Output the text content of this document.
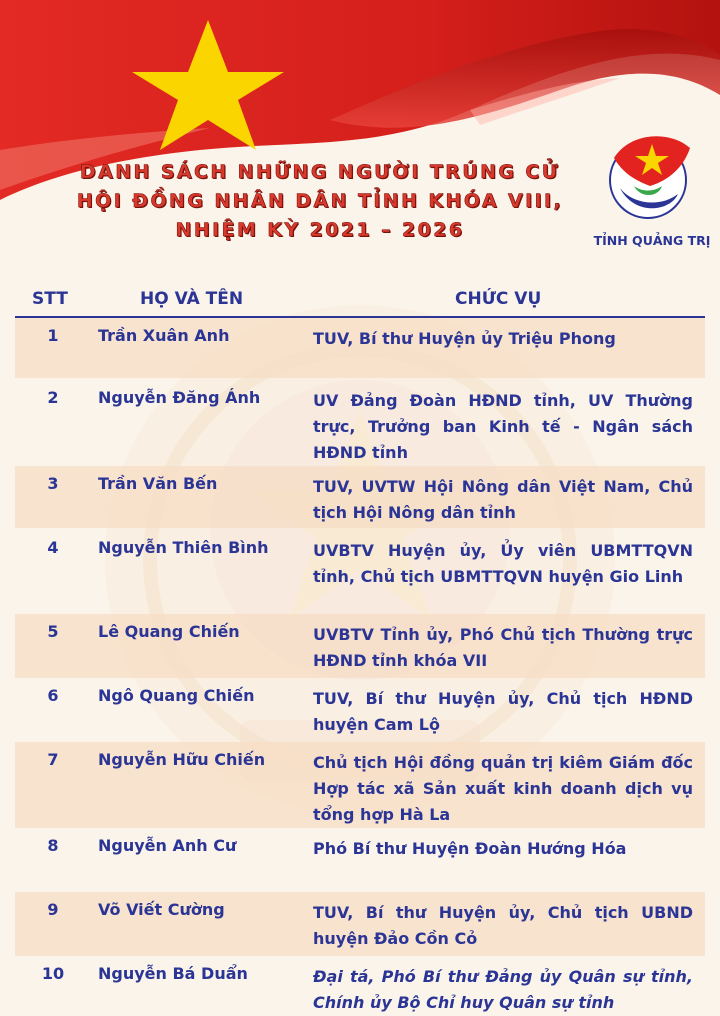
DANH SÁCH NHỮNG NGƯỜI TRÚNG CỬ
HỘI ĐỒNG NHÂN DÂN TỈNH KHÓA VIII,
NHIỆM KỲ 2021 – 2026	TỈNH QUẢNG TRỊ
STT	HỌ VÀ TÊN	CHỨC VỤ
1	Trần Xuân Anh	TUV, Bí thư Huyện ủy Triệu Phong
2	Nguyễn Đăng Ánh	UV Đảng Đoàn HĐND tỉnh, UV Thường trực, Trưởng ban Kinh tế - Ngân sách HĐND tỉnh
3	Trần Văn Bến	TUV, UVTW Hội Nông dân Việt Nam, Chủ tịch Hội Nông dân tỉnh
4	Nguyễn Thiên Bình	UVBTV Huyện ủy, Ủy viên UBMTTQVN tỉnh, Chủ tịch UBMTTQVN huyện Gio Linh
5	Lê Quang Chiến	UVBTV Tỉnh ủy, Phó Chủ tịch Thường trực HĐND tỉnh khóa VII
6	Ngô Quang Chiến	TUV, Bí thư Huyện ủy, Chủ tịch HĐND huyện Cam Lộ
7	Nguyễn Hữu Chiến	Chủ tịch Hội đồng quản trị kiêm Giám đốc Hợp tác xã Sản xuất kinh doanh dịch vụ tổng hợp Hà La
8	Nguyễn Anh Cư	Phó Bí thư Huyện Đoàn Hướng Hóa
9	Võ Viết Cường	TUV, Bí thư Huyện ủy, Chủ tịch UBND huyện Đảo Cồn Cỏ
10	Nguyễn Bá Duẩn	Đại tá, Phó Bí thư Đảng ủy Quân sự tỉnh, Chính ủy Bộ Chỉ huy Quân sự tỉnh
